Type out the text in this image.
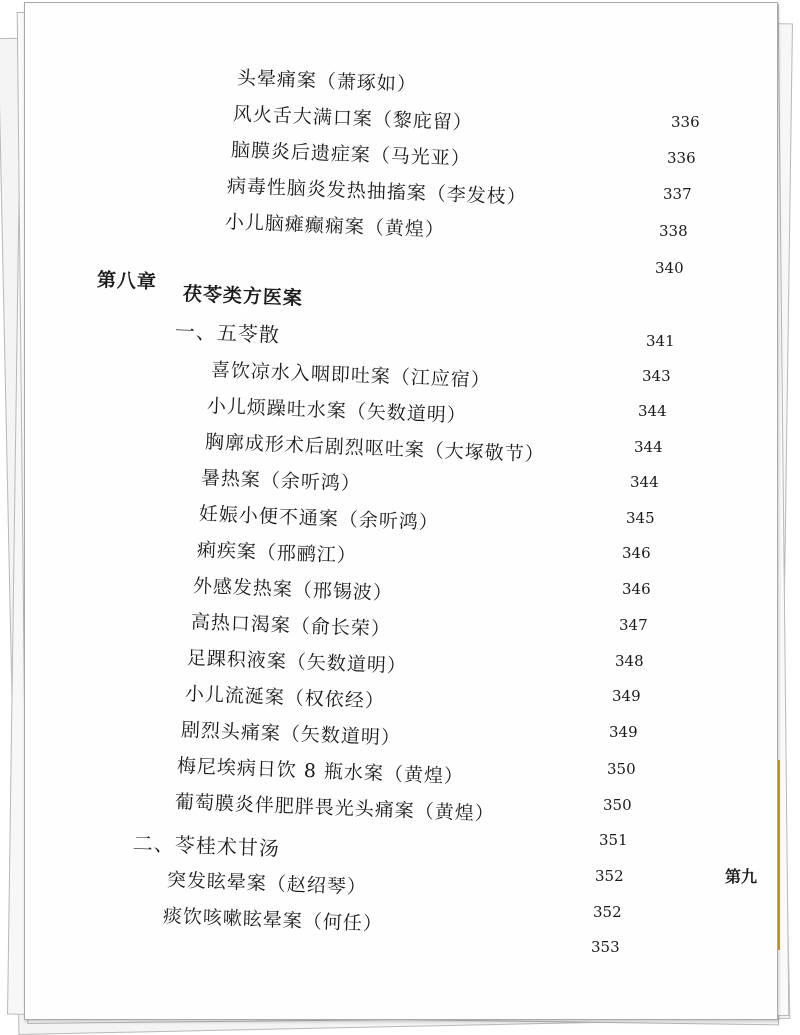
头晕痛案（萧琢如）
风火舌大满口案（黎庇留）
脑膜炎后遗症案（马光亚）
病毒性脑炎发热抽搐案（李发枝）
小儿脑瘫癫痫案（黄煌）
第八章
茯苓类方医案
一、五苓散
喜饮凉水入咽即吐案（江应宿）
小儿烦躁吐水案（矢数道明）
胸廓成形术后剧烈呕吐案（大塚敬节）
暑热案（余听鸿）
妊娠小便不通案（余听鸿）
痢疾案（邢鹂江）
外感发热案（邢锡波）
高热口渴案（俞长荣）
足踝积液案（矢数道明）
小儿流涎案（权依经）
剧烈头痛案（矢数道明）
梅尼埃病日饮 8 瓶水案（黄煌）
葡萄膜炎伴肥胖畏光头痛案（黄煌）
二、苓桂术甘汤
突发眩晕案（赵绍琴）
痰饮咳嗽眩晕案（何任）
336
336
337
338
340
341
343
344
344
344
345
346
346
347
348
349
349
350
350
351
352
352
353
第九
